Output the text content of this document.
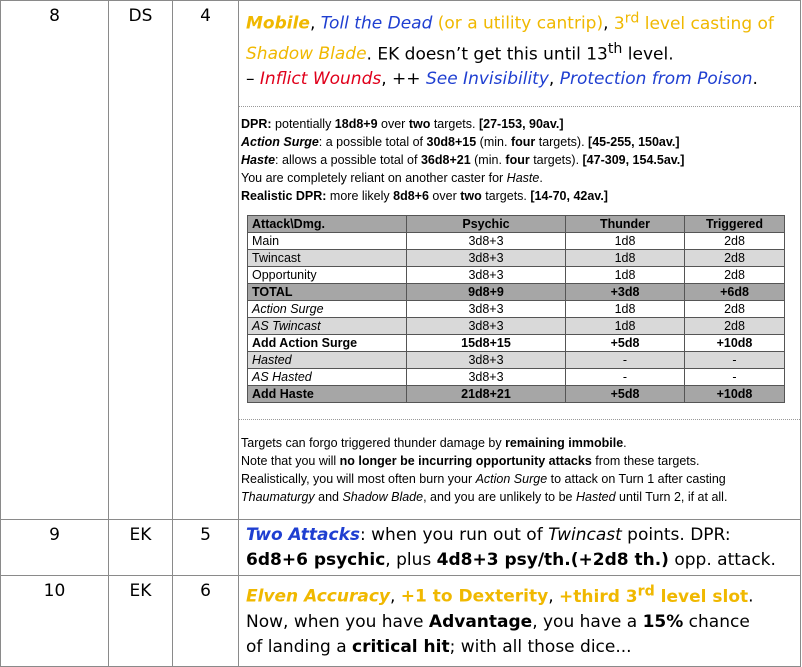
8	DS	4	Mobile, Toll the Dead (or a utility cantrip), 3rd level casting of Shadow Blade. EK doesn’t get this until 13th level.
– Inflict Wounds, ++ See Invisibility, Protection from Poison.
DPR: potentially 18d8+9 over two targets. [27-153, 90av.]
Action Surge: a possible total of 30d8+15 (min. four targets). [45-255, 150av.]
Haste: allows a possible total of 36d8+21 (min. four targets). [47-309, 154.5av.]
You are completely reliant on another caster for Haste.
Realistic DPR: more likely 8d8+6 over two targets. [14-70, 42av.]
Attack\Dmg.	Psychic	Thunder	Triggered
Main	3d8+3	1d8	2d8
Twincast	3d8+3	1d8	2d8
Opportunity	3d8+3	1d8	2d8
TOTAL	9d8+9	+3d8	+6d8
Action Surge	3d8+3	1d8	2d8
AS Twincast	3d8+3	1d8	2d8
Add Action Surge	15d8+15	+5d8	+10d8
Hasted	3d8+3	-	-
AS Hasted	3d8+3	-	-
Add Haste	21d8+21	+5d8	+10d8
Targets can forgo triggered thunder damage by remaining immobile.
Note that you will no longer be incurring opportunity attacks from these targets.
Realistically, you will most often burn your Action Surge to attack on Turn 1 after casting
Thaumaturgy and Shadow Blade, and you are unlikely to be Hasted until Turn 2, if at all.

9	EK	5	Two Attacks: when you run out of Twincast points. DPR:
6d8+6 psychic, plus 4d8+3 psy/th.(+2d8 th.) opp. attack.

10	EK	6	Elven Accuracy, +1 to Dexterity, +third 3rd level slot.
Now, when you have Advantage, you have a 15% chance
of landing a critical hit; with all those dice...
